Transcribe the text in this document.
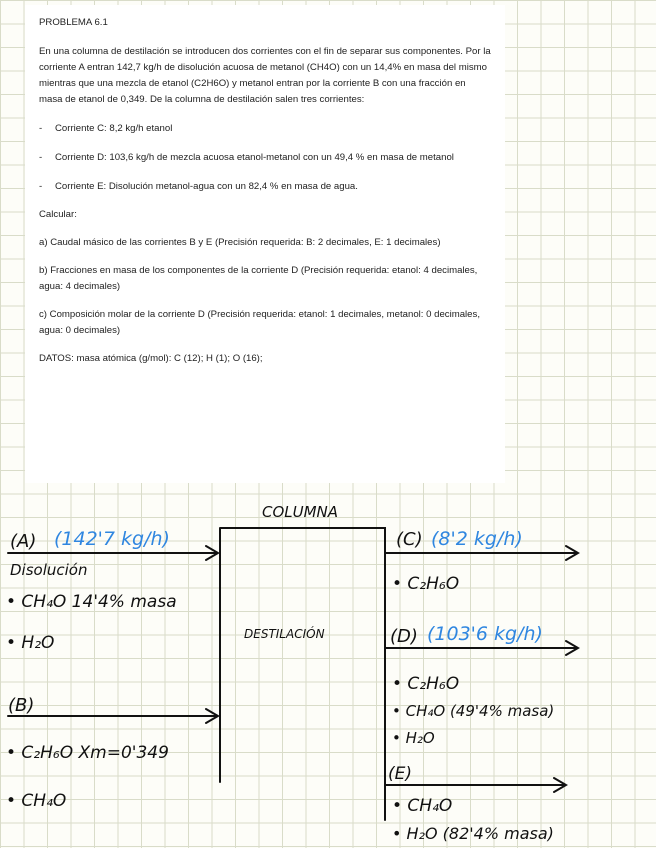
PROBLEMA 6.1

En una columna de destilación se introducen dos corrientes con el fin de separar sus componentes. Por la corriente A entran 142,7 kg/h de disolución acuosa de metanol (CH4O) con un 14,4% en masa del mismo mientras que una mezcla de etanol (C2H6O) y metanol entran por la corriente B con una fracción en masa de etanol de 0,349. De la columna de destilación salen tres corrientes:

- Corriente C: 8,2 kg/h etanol

- Corriente D: 103,6 kg/h de mezcla acuosa etanol-metanol con un 49,4 % en masa de metanol

- Corriente E: Disolución metanol-agua con un 82,4 % en masa de agua.

Calcular:

a) Caudal másico de las corrientes B y E (Precisión requerida: B: 2 decimales, E: 1 decimales)

b) Fracciones en masa de los componentes de la corriente D (Precisión requerida: etanol: 4 decimales, agua: 4 decimales)

c) Composición molar de la corriente D (Precisión requerida: etanol: 1 decimales, metanol: 0 decimales, agua: 0 decimales)

DATOS: masa atómica (g/mol): C (12); H (1); O (16);

COLUMNA
DESTILACIÓN
(A) (142'7 kg/h)
Disolución
• CH₄O 14'4% masa
• H₂O
(B)
• C₂H₆O Xm=0'349
• CH₄O
(C) (8'2 kg/h)
• C₂H₆O
(D) (103'6 kg/h)
• C₂H₆O
• CH₄O (49'4% masa)
• H₂O
(E)
• CH₄O
• H₂O (82'4% masa)
